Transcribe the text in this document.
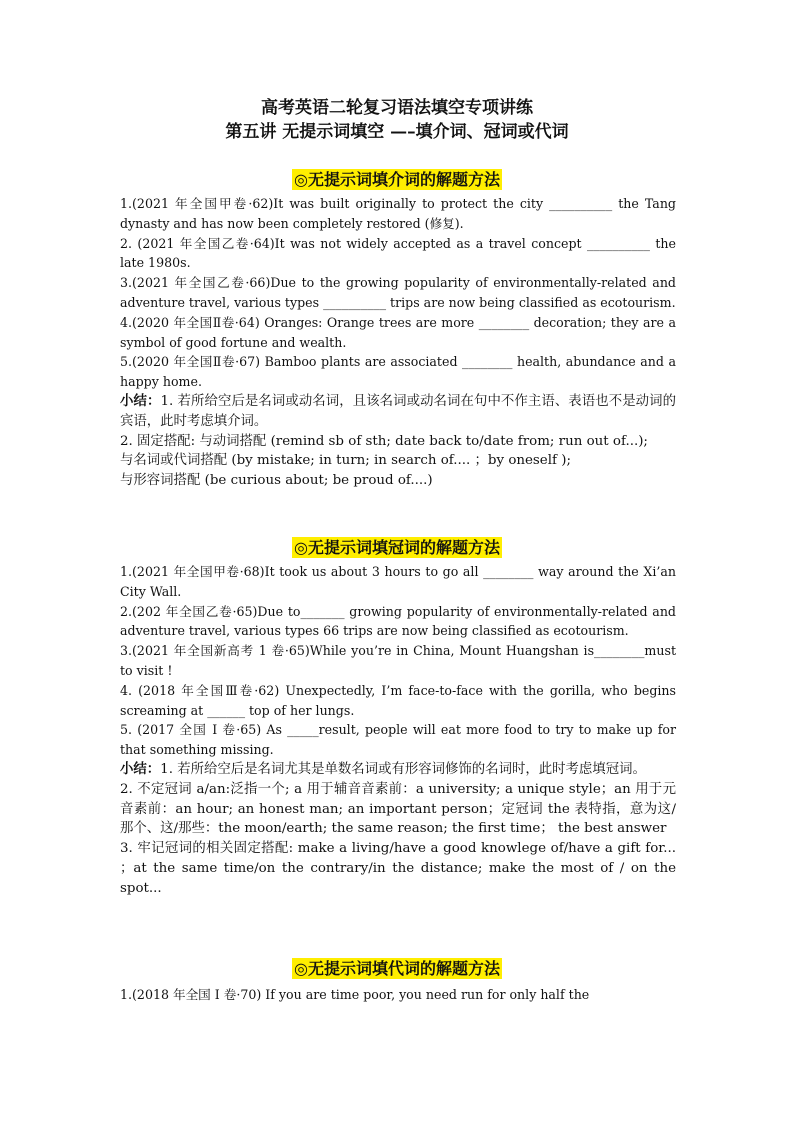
高考英语二轮复习语法填空专项讲练
第五讲 无提示词填空 —–填介词、冠词或代词
◎无提示词填介词的解题方法

1.(2021 年全国甲卷·62)It was built originally to protect the city __________ the Tang dynasty and has now been completely restored (修复).

2. (2021 年全国乙卷·64)It was not widely accepted as a travel concept __________ the late 1980s.

3.(2021 年全国乙卷·66)Due to the growing popularity of environmentally-related and adventure travel, various types __________ trips are now being classified as ecotourism.

4.(2020 年全国Ⅱ卷·64) Oranges: Orange trees are more ________ decoration; they are a symbol of good fortune and wealth.

5.(2020 年全国Ⅱ卷·67) Bamboo plants are associated ________ health, abundance and a happy home.

小结：1. 若所给空后是名词或动名词，且该名词或动名词在句中不作主语、表语也不是动词的宾语，此时考虑填介词。

2. 固定搭配: 与动词搭配 (remind sb of sth; date back to/date from; run out of...);

与名词或代词搭配 (by mistake; in turn; in search of.... ；by oneself );

与形容词搭配 (be curious about; be proud of....)

◎无提示词填冠词的解题方法

1.(2021 年全国甲卷·68)It took us about 3 hours to go all ________ way around the Xi’an City Wall.

2.(202 年全国乙卷·65)Due to_______ growing popularity of environmentally-related and adventure travel, various types 66 trips are now being classified as ecotourism.

3.(2021 年全国新高考 1 卷·65)While you’re in China, Mount Huangshan is________must to visit !

4. (2018 年全国Ⅲ卷·62) Unexpectedly, I’m face-to-face with the gorilla, who begins screaming at ______ top of her lungs.

5. (2017 全国 I 卷·65) As _____result, people will eat more food to try to make up for that something missing.

小结：1. 若所给空后是名词尤其是单数名词或有形容词修饰的名词时，此时考虑填冠词。

2. 不定冠词 a/an:泛指一个; a 用于辅音音素前：a university; a unique style；an 用于元音素前：an hour; an honest man; an important person；定冠词 the 表特指，意为这/那个、这/那些：the moon/earth; the same reason; the first time； the best answer

3. 牢记冠词的相关固定搭配: make a living/have a good knowlege of/have a gift for... ；at the same time/on the contrary/in the distance; make the most of / on the spot...

◎无提示词填代词的解题方法

1.(2018 年全国 Ⅰ 卷·70) If you are time poor, you need run for only half the
